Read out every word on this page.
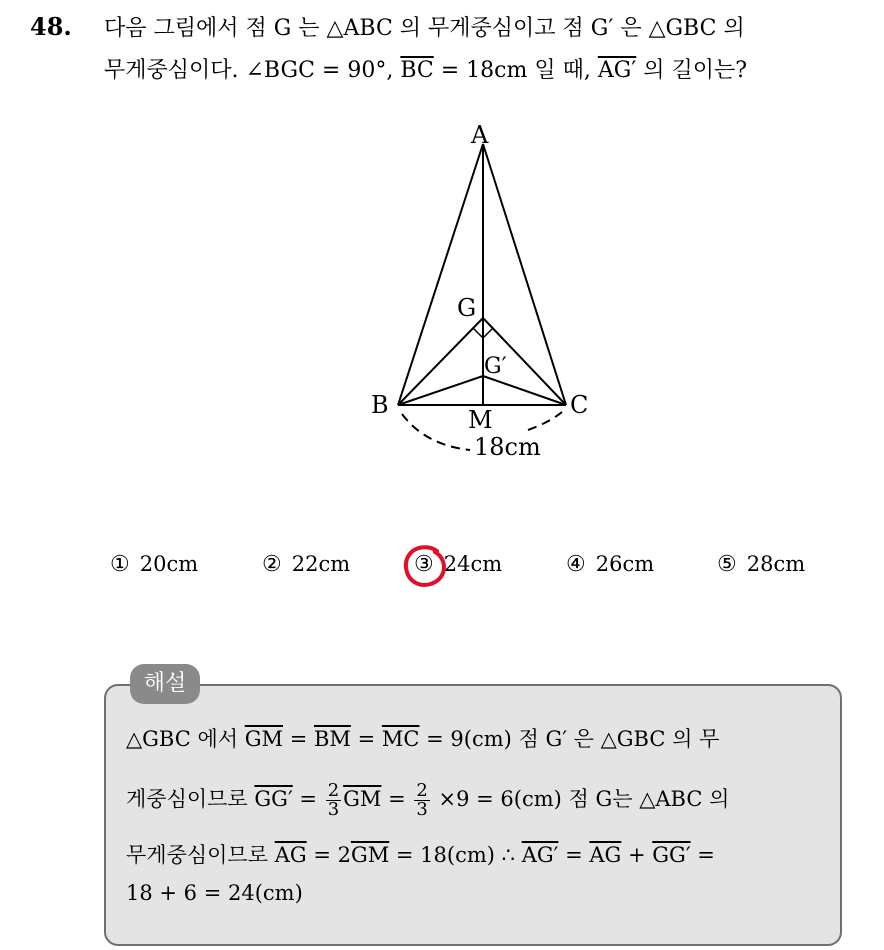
48. 다음 그림에서 점 G 는 △ABC 의 무게중심이고 점 G′ 은 △GBC 의
무게중심이다. ∠BGC = 90°, $\overline{BC} = 18cm$ 일 때, AG′ 의 길이는?
A
B	C
G
G′
M
18cm
① 20cm	② 22cm	③ 24cm	④ 26cm	⑤ 28cm
해설
△GBC 에서 $\overline{GM} = \overline{BM} = \overline{MC} = 9(cm)$ 점 G′ 은 △GBC 의 무
게중심이므로 $GG' = \frac{2}{3} \overline{GM} = \frac{2}{3} \times 9 = 6(cm)$ 점 G는 △ABC 의
무게중심이므로 $\overline{AG} = 2\overline{GM} = 18(cm)$ ∴ $AG' = \overline{AG} + GG'$ =
18 + 6 = 24(cm)
